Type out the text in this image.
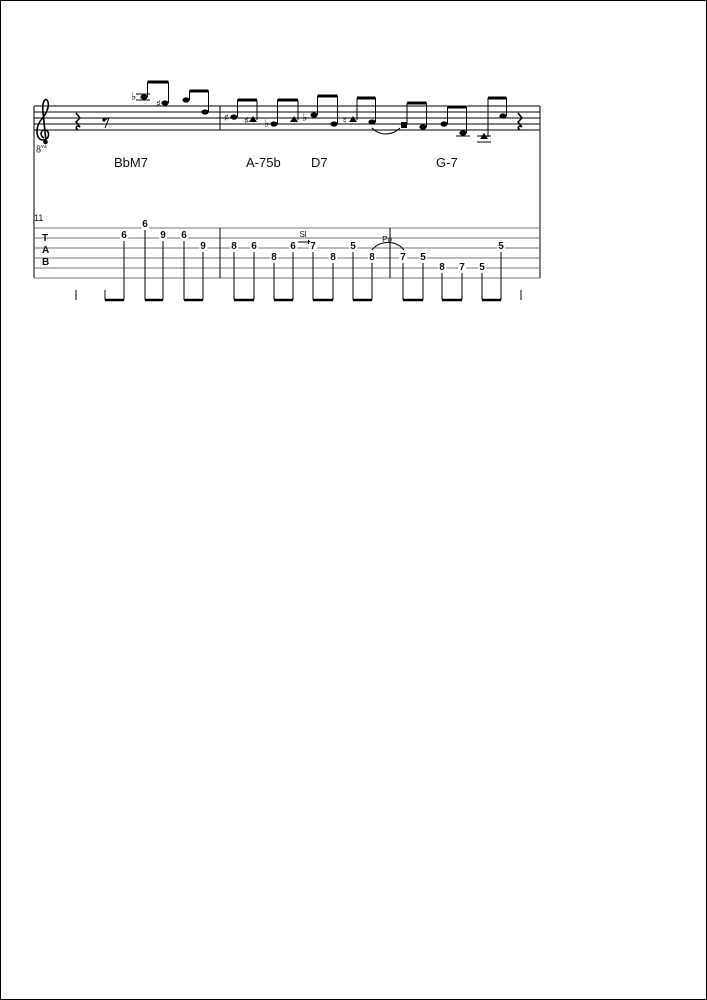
♭
♯
♯ ♯ ♭	♭	♮
$8^{va}$
BbM7	A-75b D7	G-7
11
T
A
B
6
6
9 6
9	8 6
8
6 7
8
5
8	7 5
8 7 5
5
Sl
Po
